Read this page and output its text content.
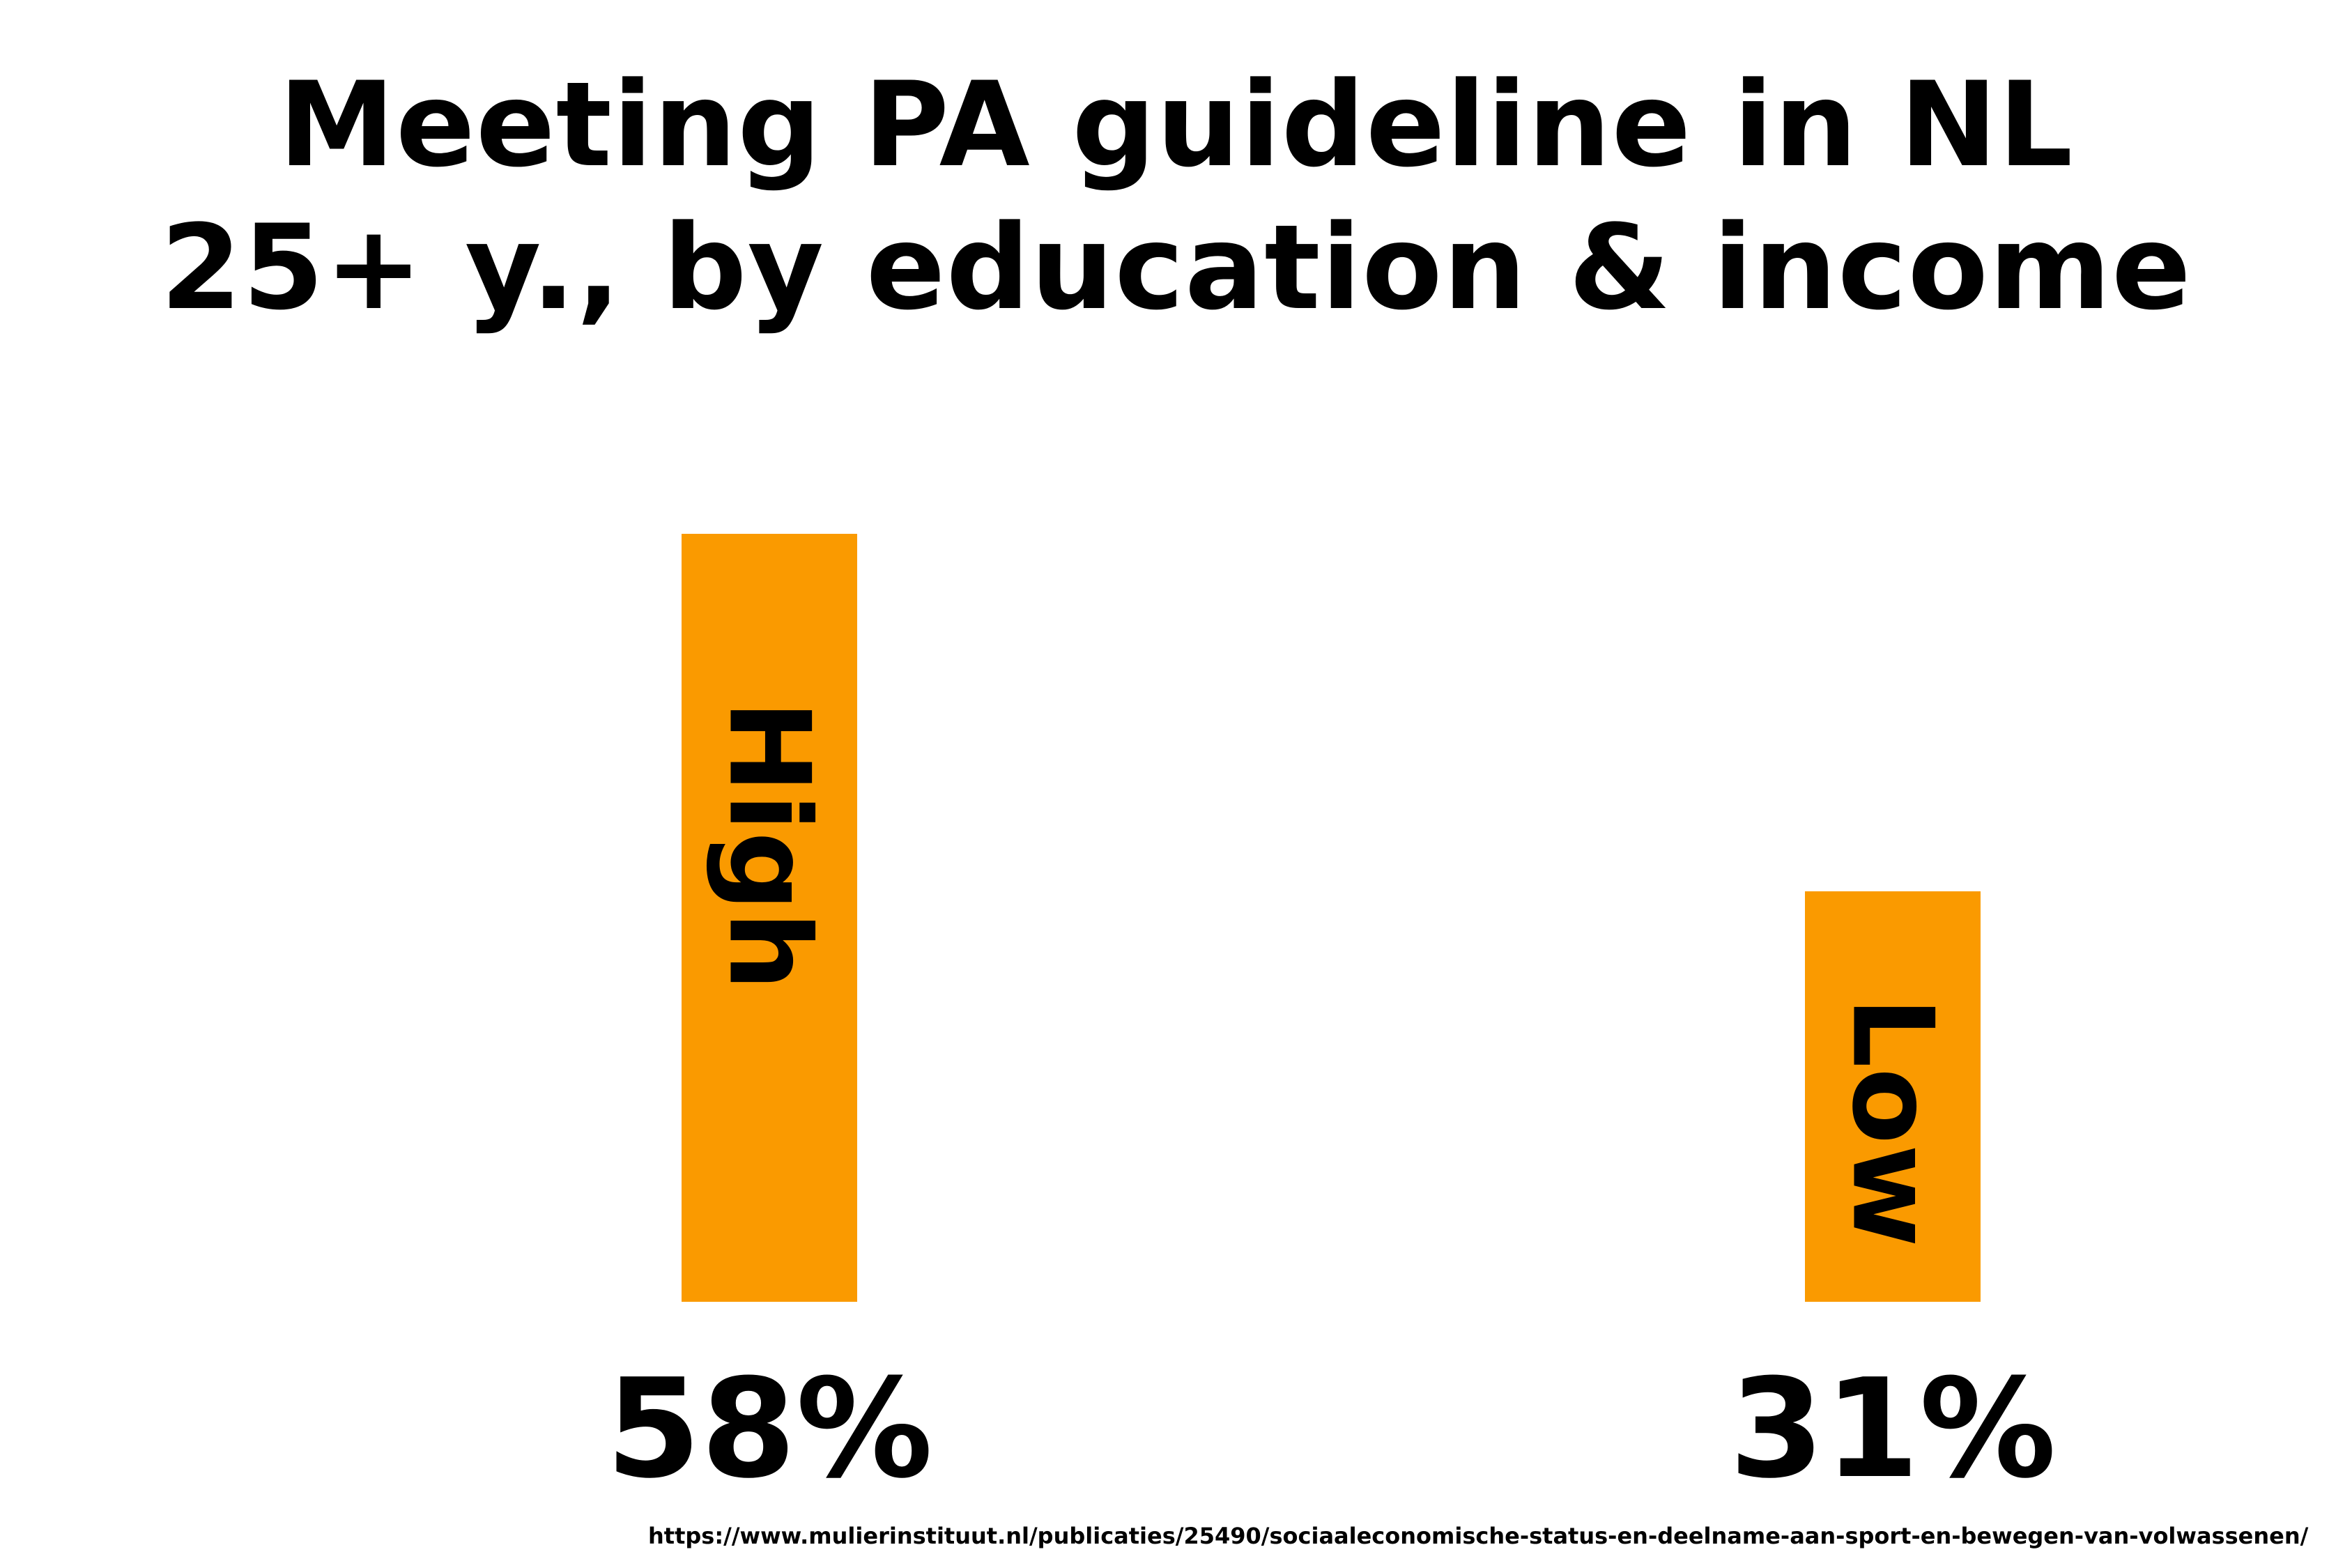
Meeting PA guideline in NL
25+ y., by education & income
High
Low
58%	31%
https://www.mulierinstituut.nl/publicaties/25490/sociaaleconomische-status-en-deelname-aan-sport-en-bewegen-van-volwassenen/
